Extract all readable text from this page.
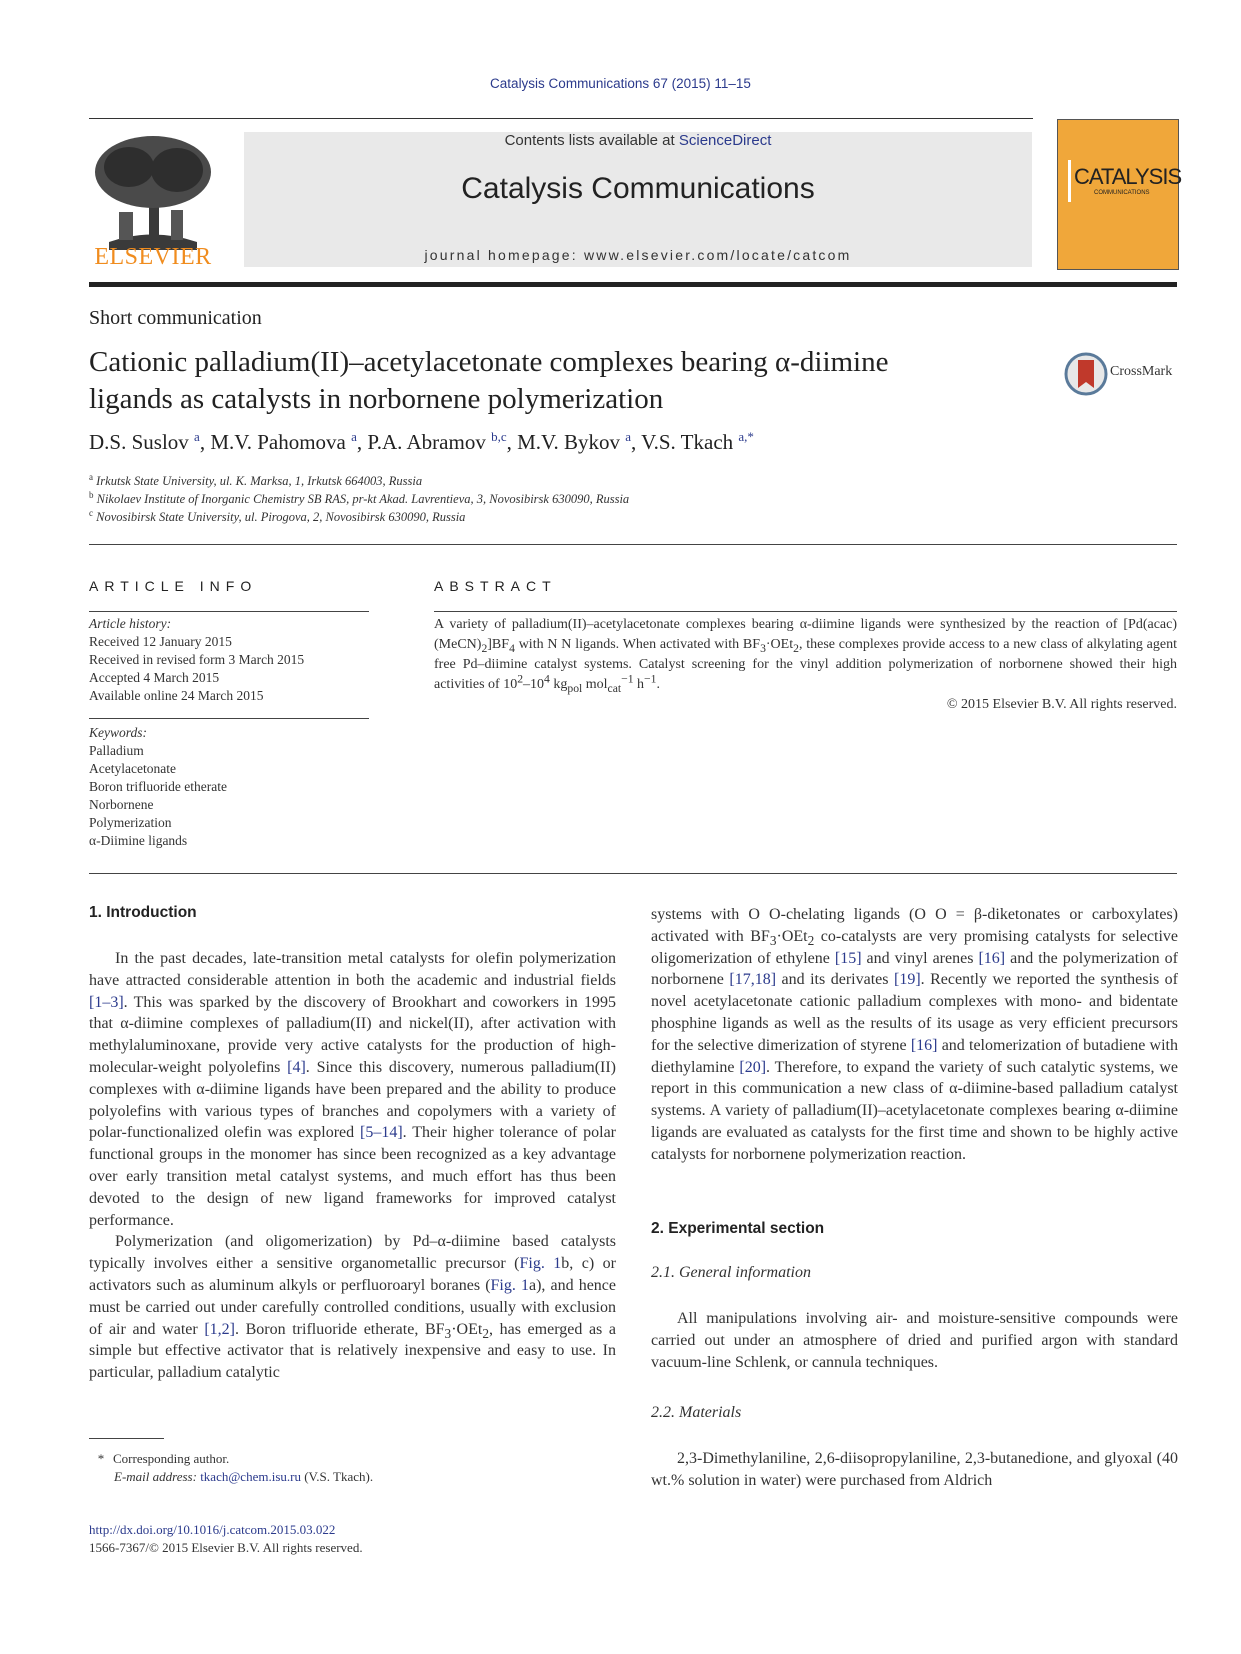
Catalysis Communications 67 (2015) 11–15
ELSEVIER
Contents lists available at ScienceDirect
Catalysis Communications
journal homepage: www.elsevier.com/locate/catcom
CATALYSIS
COMMUNICATIONS
Short communication
Cationic palladium(II)–acetylacetonate complexes bearing α-diimine
ligands as catalysts in norbornene polymerization
CrossMark
D.S. Suslov $^a$, M.V. Pahomova $^a$, P.A. Abramov $^{b,c}$, M.V. Bykov $^a$, V.S. Tkach $^{a,*}$
$^a$ Irkutsk State University, ul. K. Marksa, 1, Irkutsk 664003, Russia
$^b$ Nikolaev Institute of Inorganic Chemistry SB RAS, pr-kt Akad. Lavrentieva, 3, Novosibirsk 630090, Russia
$^c$ Novosibirsk State University, ul. Pirogova, 2, Novosibirsk 630090, Russia
ARTICLE INFO
Article history:
Received 12 January 2015
Received in revised form 3 March 2015
Accepted 4 March 2015
Available online 24 March 2015
Keywords:
Palladium
Acetylacetonate
Boron trifluoride etherate
Norbornene
Polymerization
α-Diimine ligands
ABSTRACT
A variety of palladium(II)–acetylacetonate complexes bearing α-diimine ligands were synthesized by the reaction of $[Pd(acac)(MeCN)_2]BF_4$ with N N ligands. When activated with $BF_3\cdot OEt_2$, these complexes provide access to a new class of alkylating agent free Pd–diimine catalyst systems. Catalyst screening for the vinyl addition polymerization of norbornene showed their high activities of $10^2-10^4$ $kg_{pol}$ mol$_{cat}^{-1}$ $h^{-1}$.
© 2015 Elsevier B.V. All rights reserved.
1. Introduction

In the past decades, late-transition metal catalysts for olefin polymerization have attracted considerable attention in both the academic and industrial fields [1–3]. This was sparked by the discovery of Brookhart and coworkers in 1995 that α-diimine complexes of palladium(II) and nickel(II), after activation with methylaluminoxane, provide very active catalysts for the production of high-molecular-weight polyolefins [4]. Since this discovery, numerous palladium(II) complexes with α-diimine ligands have been prepared and the ability to produce polyolefins with various types of branches and copolymers with a variety of polar-functionalized olefin was explored [5–14]. Their higher tolerance of polar functional groups in the monomer has since been recognized as a key advantage over early transition metal catalyst systems, and much effort has thus been devoted to the design of new ligand frameworks for improved catalyst performance.

Polymerization (and oligomerization) by Pd–α-diimine based catalysts typically involves either a sensitive organometallic precursor (Fig. 1b, c) or activators such as aluminum alkyls or perfluoroaryl boranes (Fig. 1a), and hence must be carried out under carefully controlled conditions, usually with exclusion of air and water [1,2]. Boron trifluoride etherate, $BF_3\cdot OEt_2$, has emerged as a simple but effective activator that is relatively inexpensive and easy to use. In particular, palladium catalytic

systems with O O-chelating ligands (O O = β-diketonates or carboxylates) activated with $BF_3\cdot OEt_2$ co-catalysts are very promising catalysts for selective oligomerization of ethylene [15] and vinyl arenes [16] and the polymerization of norbornene [17,18] and its derivates [19]. Recently we reported the synthesis of novel acetylacetonate cationic palladium complexes with mono- and bidentate phosphine ligands as well as the results of its usage as very efficient precursors for the selective dimerization of styrene [16] and telomerization of butadiene with diethylamine [20]. Therefore, to expand the variety of such catalytic systems, we report in this communication a new class of α-diimine-based palladium catalyst systems. A variety of palladium(II)–acetylacetonate complexes bearing α-diimine ligands are evaluated as catalysts for the first time and shown to be highly active catalysts for norbornene polymerization reaction.

2. Experimental section
2.1. General information

All manipulations involving air- and moisture-sensitive compounds were carried out under an atmosphere of dried and purified argon with standard vacuum-line Schlenk, or cannula techniques.

2.2. Materials

2,3-Dimethylaniline, 2,6-diisopropylaniline, 2,3-butanedione, and glyoxal (40 wt.% solution in water) were purchased from Aldrich

* Corresponding author.
E-mail address: tkach@chem.isu.ru (V.S. Tkach).
http://dx.doi.org/10.1016/j.catcom.2015.03.022
1566-7367/© 2015 Elsevier B.V. All rights reserved.
